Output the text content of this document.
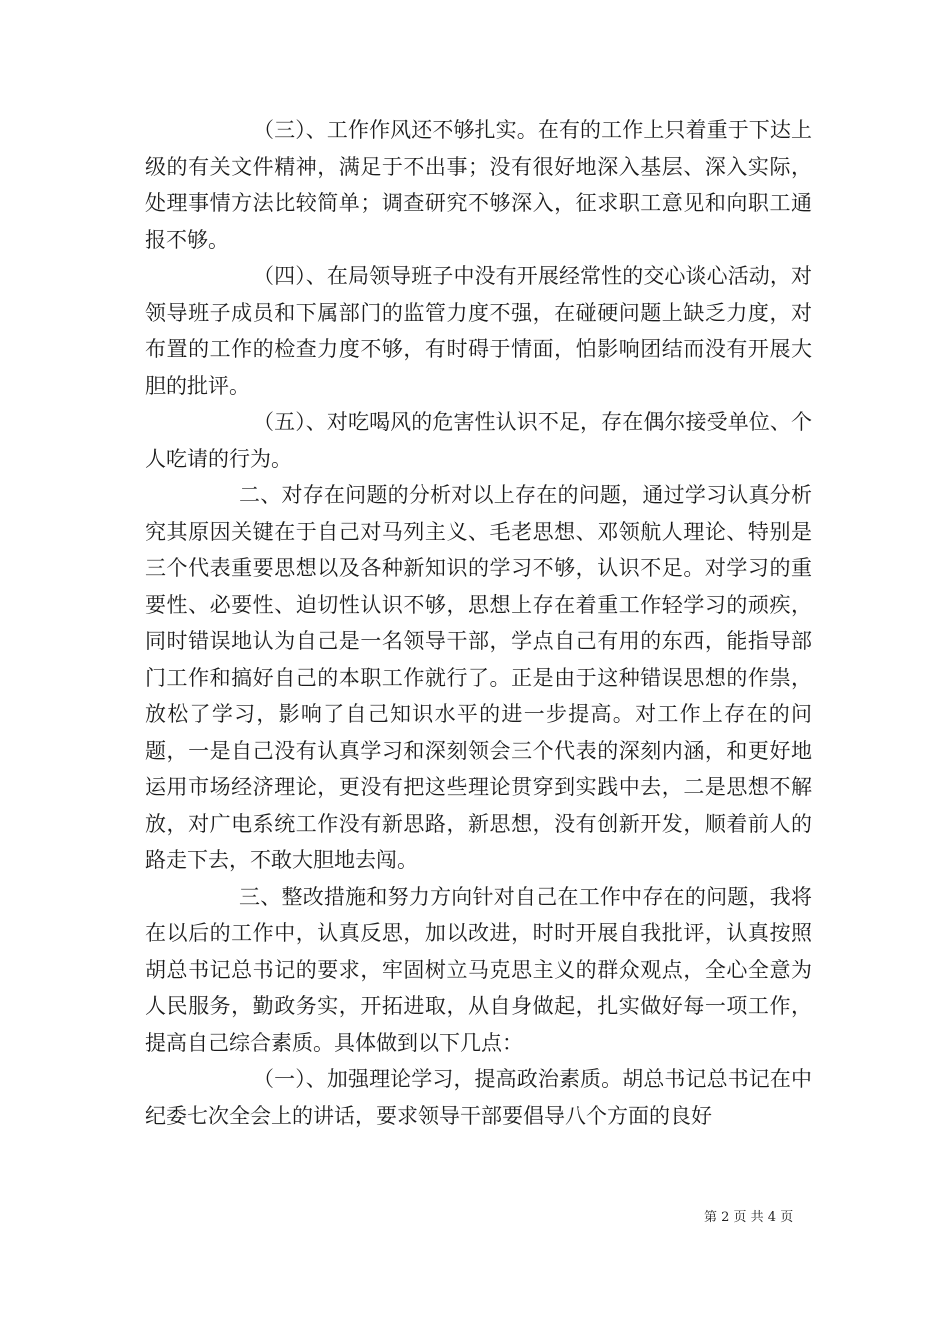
（三）、工作作风还不够扎实。在有的工作上只着重于下达上级的有关文件精神，满足于不出事；没有很好地深入基层、深入实际，处理事情方法比较简单；调查研究不够深入，征求职工意见和向职工通报不够。

（四）、在局领导班子中没有开展经常性的交心谈心活动，对领导班子成员和下属部门的监管力度不强，在碰硬问题上缺乏力度，对布置的工作的检查力度不够，有时碍于情面，怕影响团结而没有开展大胆的批评。

（五）、对吃喝风的危害性认识不足，存在偶尔接受单位、个人吃请的行为。

二、对存在问题的分析对以上存在的问题，通过学习认真分析究其原因关键在于自己对马列主义、毛老思想、邓领航人理论、特别是三个代表重要思想以及各种新知识的学习不够，认识不足。对学习的重要性、必要性、迫切性认识不够，思想上存在着重工作轻学习的顽疾，同时错误地认为自己是一名领导干部，学点自己有用的东西，能指导部门工作和搞好自己的本职工作就行了。正是由于这种错误思想的作祟，放松了学习，影响了自己知识水平的进一步提高。对工作上存在的问题，一是自己没有认真学习和深刻领会三个代表的深刻内涵，和更好地运用市场经济理论，更没有把这些理论贯穿到实践中去，二是思想不解放，对广电系统工作没有新思路，新思想，没有创新开发，顺着前人的路走下去，不敢大胆地去闯。

三、整改措施和努力方向针对自己在工作中存在的问题，我将在以后的工作中，认真反思，加以改进，时时开展自我批评，认真按照胡总书记总书记的要求，牢固树立马克思主义的群众观点，全心全意为人民服务，勤政务实，开拓进取，从自身做起，扎实做好每一项工作，提高自己综合素质。具体做到以下几点：

（一）、加强理论学习，提高政治素质。胡总书记总书记在中纪委七次全会上的讲话，要求领导干部要倡导八个方面的良好

第 2 页 共 4 页
